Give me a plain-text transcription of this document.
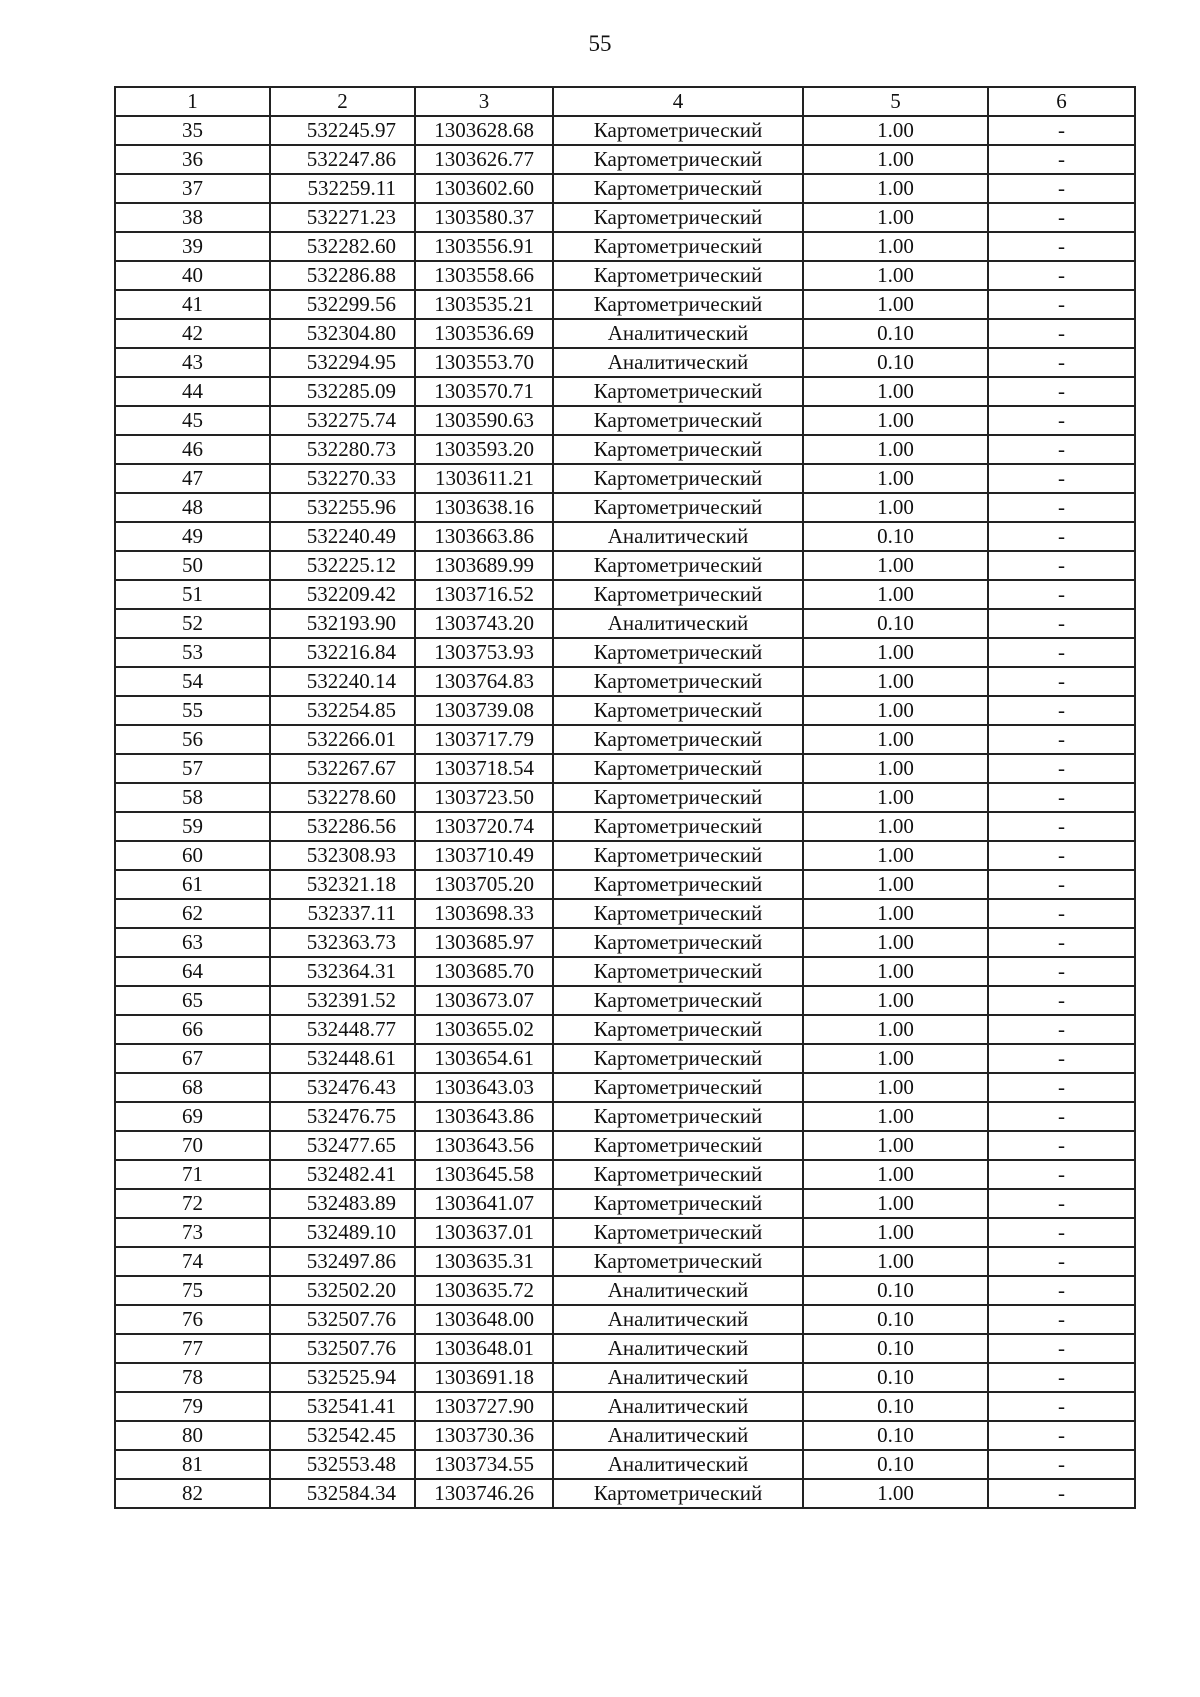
55
1	2	3	4	5	6
35	532245.97	1303628.68	Картометрический	1.00	-
36	532247.86	1303626.77	Картометрический	1.00	-
37	532259.11	1303602.60	Картометрический	1.00	-
38	532271.23	1303580.37	Картометрический	1.00	-
39	532282.60	1303556.91	Картометрический	1.00	-
40	532286.88	1303558.66	Картометрический	1.00	-
41	532299.56	1303535.21	Картометрический	1.00	-
42	532304.80	1303536.69	Аналитический	0.10	-
43	532294.95	1303553.70	Аналитический	0.10	-
44	532285.09	1303570.71	Картометрический	1.00	-
45	532275.74	1303590.63	Картометрический	1.00	-
46	532280.73	1303593.20	Картометрический	1.00	-
47	532270.33	1303611.21	Картометрический	1.00	-
48	532255.96	1303638.16	Картометрический	1.00	-
49	532240.49	1303663.86	Аналитический	0.10	-
50	532225.12	1303689.99	Картометрический	1.00	-
51	532209.42	1303716.52	Картометрический	1.00	-
52	532193.90	1303743.20	Аналитический	0.10	-
53	532216.84	1303753.93	Картометрический	1.00	-
54	532240.14	1303764.83	Картометрический	1.00	-
55	532254.85	1303739.08	Картометрический	1.00	-
56	532266.01	1303717.79	Картометрический	1.00	-
57	532267.67	1303718.54	Картометрический	1.00	-
58	532278.60	1303723.50	Картометрический	1.00	-
59	532286.56	1303720.74	Картометрический	1.00	-
60	532308.93	1303710.49	Картометрический	1.00	-
61	532321.18	1303705.20	Картометрический	1.00	-
62	532337.11	1303698.33	Картометрический	1.00	-
63	532363.73	1303685.97	Картометрический	1.00	-
64	532364.31	1303685.70	Картометрический	1.00	-
65	532391.52	1303673.07	Картометрический	1.00	-
66	532448.77	1303655.02	Картометрический	1.00	-
67	532448.61	1303654.61	Картометрический	1.00	-
68	532476.43	1303643.03	Картометрический	1.00	-
69	532476.75	1303643.86	Картометрический	1.00	-
70	532477.65	1303643.56	Картометрический	1.00	-
71	532482.41	1303645.58	Картометрический	1.00	-
72	532483.89	1303641.07	Картометрический	1.00	-
73	532489.10	1303637.01	Картометрический	1.00	-
74	532497.86	1303635.31	Картометрический	1.00	-
75	532502.20	1303635.72	Аналитический	0.10	-
76	532507.76	1303648.00	Аналитический	0.10	-
77	532507.76	1303648.01	Аналитический	0.10	-
78	532525.94	1303691.18	Аналитический	0.10	-
79	532541.41	1303727.90	Аналитический	0.10	-
80	532542.45	1303730.36	Аналитический	0.10	-
81	532553.48	1303734.55	Аналитический	0.10	-
82	532584.34	1303746.26	Картометрический	1.00	-
